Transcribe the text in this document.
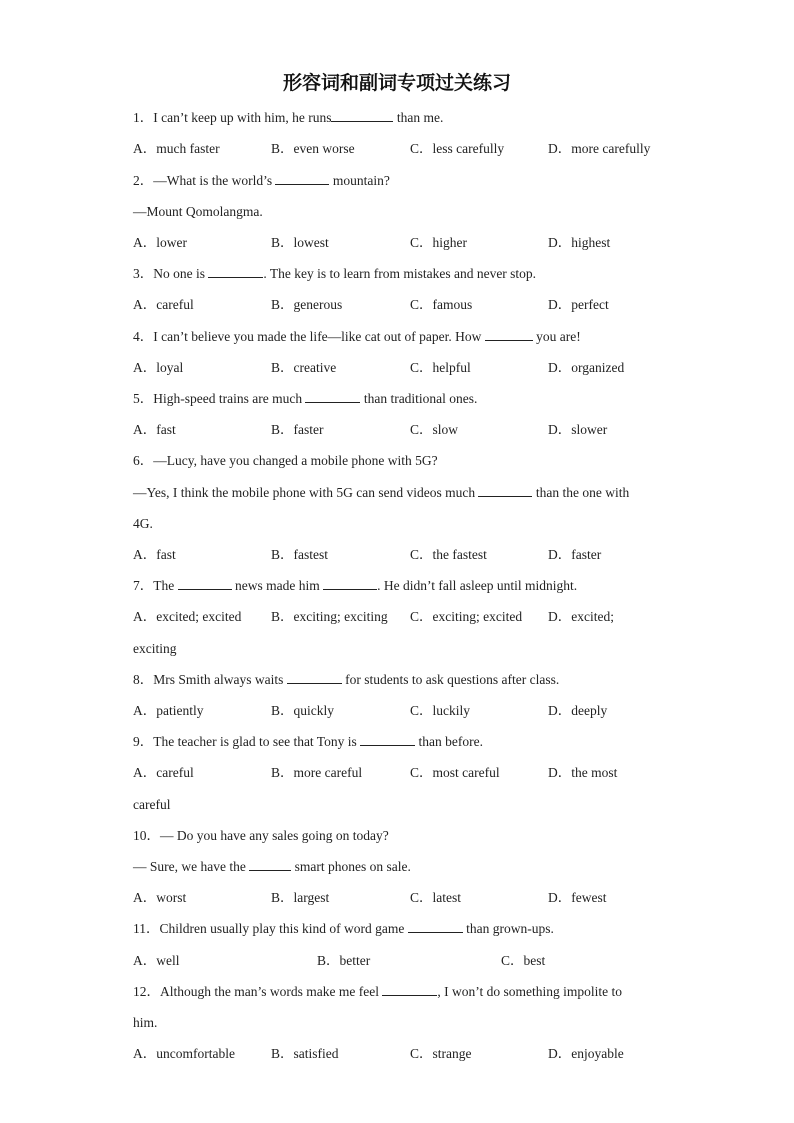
形容词和副词专项过关练习
1．I can’t keep up with him, he runs	than me.
A．much faster	B．even worse	C．less carefully	D．more carefully
2．—What is the world’s	mountain?
—Mount Qomolangma.
A．lower	B．lowest	C．higher	D．highest
3．No one is	. The key is to learn from mistakes and never stop.
A．careful	B．generous	C．famous	D．perfect
4．I can’t believe you made the life—like cat out of paper. How	you are!
A．loyal	B．creative	C．helpful	D．organized
5．High-speed trains are much	than traditional ones.
A．fast	B．faster	C．slow	D．slower
6．—Lucy, have you changed a mobile phone with 5G?
—Yes, I think the mobile phone with 5G can send videos much	than the one with
4G.
A．fast	B．fastest	C．the fastest	D．faster
7．The	news made him	. He didn’t fall asleep until midnight.
A．excited; excited B．exciting; exciting C．exciting; excited D．excited;
exciting
8．Mrs Smith always waits	for students to ask questions after class.
A．patiently	B．quickly	C．luckily	D．deeply
9．The teacher is glad to see that Tony is	than before.
A．careful	B．more careful	C．most careful	D．the most
careful
10．— Do you have any sales going on today?
— Sure, we have the	smart phones on sale.
A．worst	B．largest	C．latest	D．fewest
11．Children usually play this kind of word game	than grown-ups.
A．well	B．better	C．best
12．Although the man’s words make me feel	, I won’t do something impolite to
him.
A．uncomfortable	B．satisfied	C．strange	D．enjoyable
